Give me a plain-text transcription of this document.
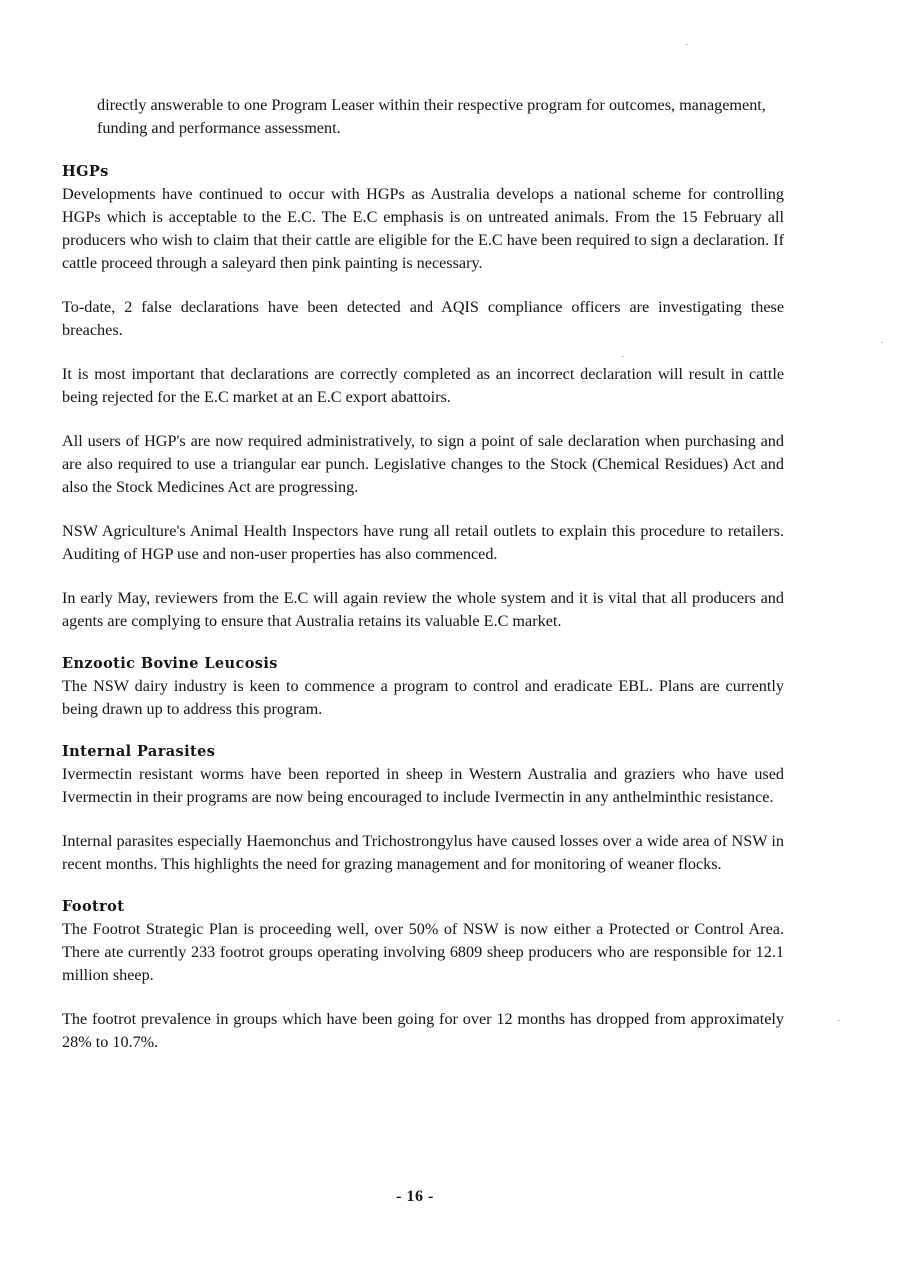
directly answerable to one Program Leaser within their respective program for outcomes, management, funding and performance assessment.

HGPs

Developments have continued to occur with HGPs as Australia develops a national scheme for controlling HGPs which is acceptable to the E.C. The E.C emphasis is on untreated animals. From the 15 February all producers who wish to claim that their cattle are eligible for the E.C have been required to sign a declaration. If cattle proceed through a saleyard then pink painting is necessary.

To-date, 2 false declarations have been detected and AQIS compliance officers are investigating these breaches.

It is most important that declarations are correctly completed as an incorrect declaration will result in cattle being rejected for the E.C market at an E.C export abattoirs.

All users of HGP's are now required administratively, to sign a point of sale declaration when purchasing and are also required to use a triangular ear punch. Legislative changes to the Stock (Chemical Residues) Act and also the Stock Medicines Act are progressing.

NSW Agriculture's Animal Health Inspectors have rung all retail outlets to explain this procedure to retailers. Auditing of HGP use and non-user properties has also commenced.

In early May, reviewers from the E.C will again review the whole system and it is vital that all producers and agents are complying to ensure that Australia retains its valuable E.C market.

Enzootic Bovine Leucosis

The NSW dairy industry is keen to commence a program to control and eradicate EBL. Plans are currently being drawn up to address this program.

Internal Parasites

Ivermectin resistant worms have been reported in sheep in Western Australia and graziers who have used Ivermectin in their programs are now being encouraged to include Ivermectin in any anthelminthic resistance.

Internal parasites especially Haemonchus and Trichostrongylus have caused losses over a wide area of NSW in recent months. This highlights the need for grazing management and for monitoring of weaner flocks.

Footrot

The Footrot Strategic Plan is proceeding well, over 50% of NSW is now either a Protected or Control Area. There ate currently 233 footrot groups operating involving 6809 sheep producers who are responsible for 12.1 million sheep.

The footrot prevalence in groups which have been going for over 12 months has dropped from approximately 28% to 10.7%.

- 16 -
